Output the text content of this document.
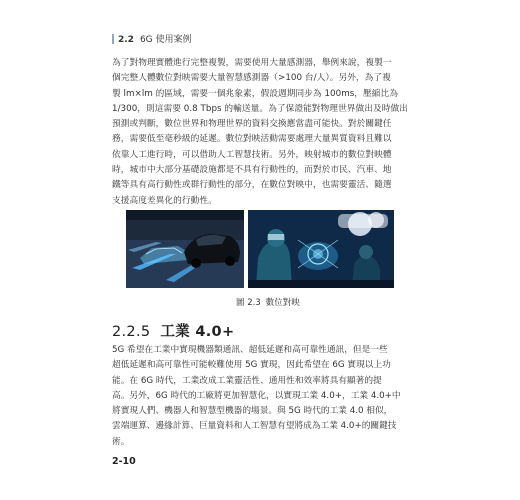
2.2 6G 使用案例
為了對物理實體進行完整複製，需要使用大量感測器，舉例來說，複製一
個完整人體數位對映需要大量智慧感測器（>100 台/人）。另外，為了複
製 lm×lm 的區域，需要一個兆象素，假設週期同步為 100ms，壓縮比為
1/300，則這需要 0.8 Tbps 的輸送量。為了保證能對物理世界做出及時做出
預測或判斷，數位世界和物理世界的資料交換應當盡可能快。對於關鍵任
務，需要低至毫秒級的延遲。數位對映活動需要處理大量異質資料且難以
依靠人工進行時，可以借助人工智慧技術。另外，映射城市的數位對映體
時，城市中大部分基礎設施都是不具有行動性的，而對於市民、汽車、地
鐵等具有高行動性或群行動性的部分，在數位對映中，也需要靈活、隨選
支援高度差異化的行動性。
圖 2.3 數位對映
2.2.5 工業 4.0+
5G 希望在工業中實現機器類通訊、超低延遲和高可靠性通訊，但是一些
超低延遲和高可靠性可能較難使用 5G 實現，因此希望在 6G 實現以上功
能。在 6G 時代，工業改成工業靈活性、通用性和效率將具有顯著的提
高。另外，6G 時代的工廠將更加智慧化，以實現工業 4.0+，工業 4.0+中
將實現人們、機器人和智慧型機器的場景。與 5G 時代的工業 4.0 相似，
雲端運算、邊緣計算、巨量資料和人工智慧有望將成為工業 4.0+的關鍵技
術。
2-10
